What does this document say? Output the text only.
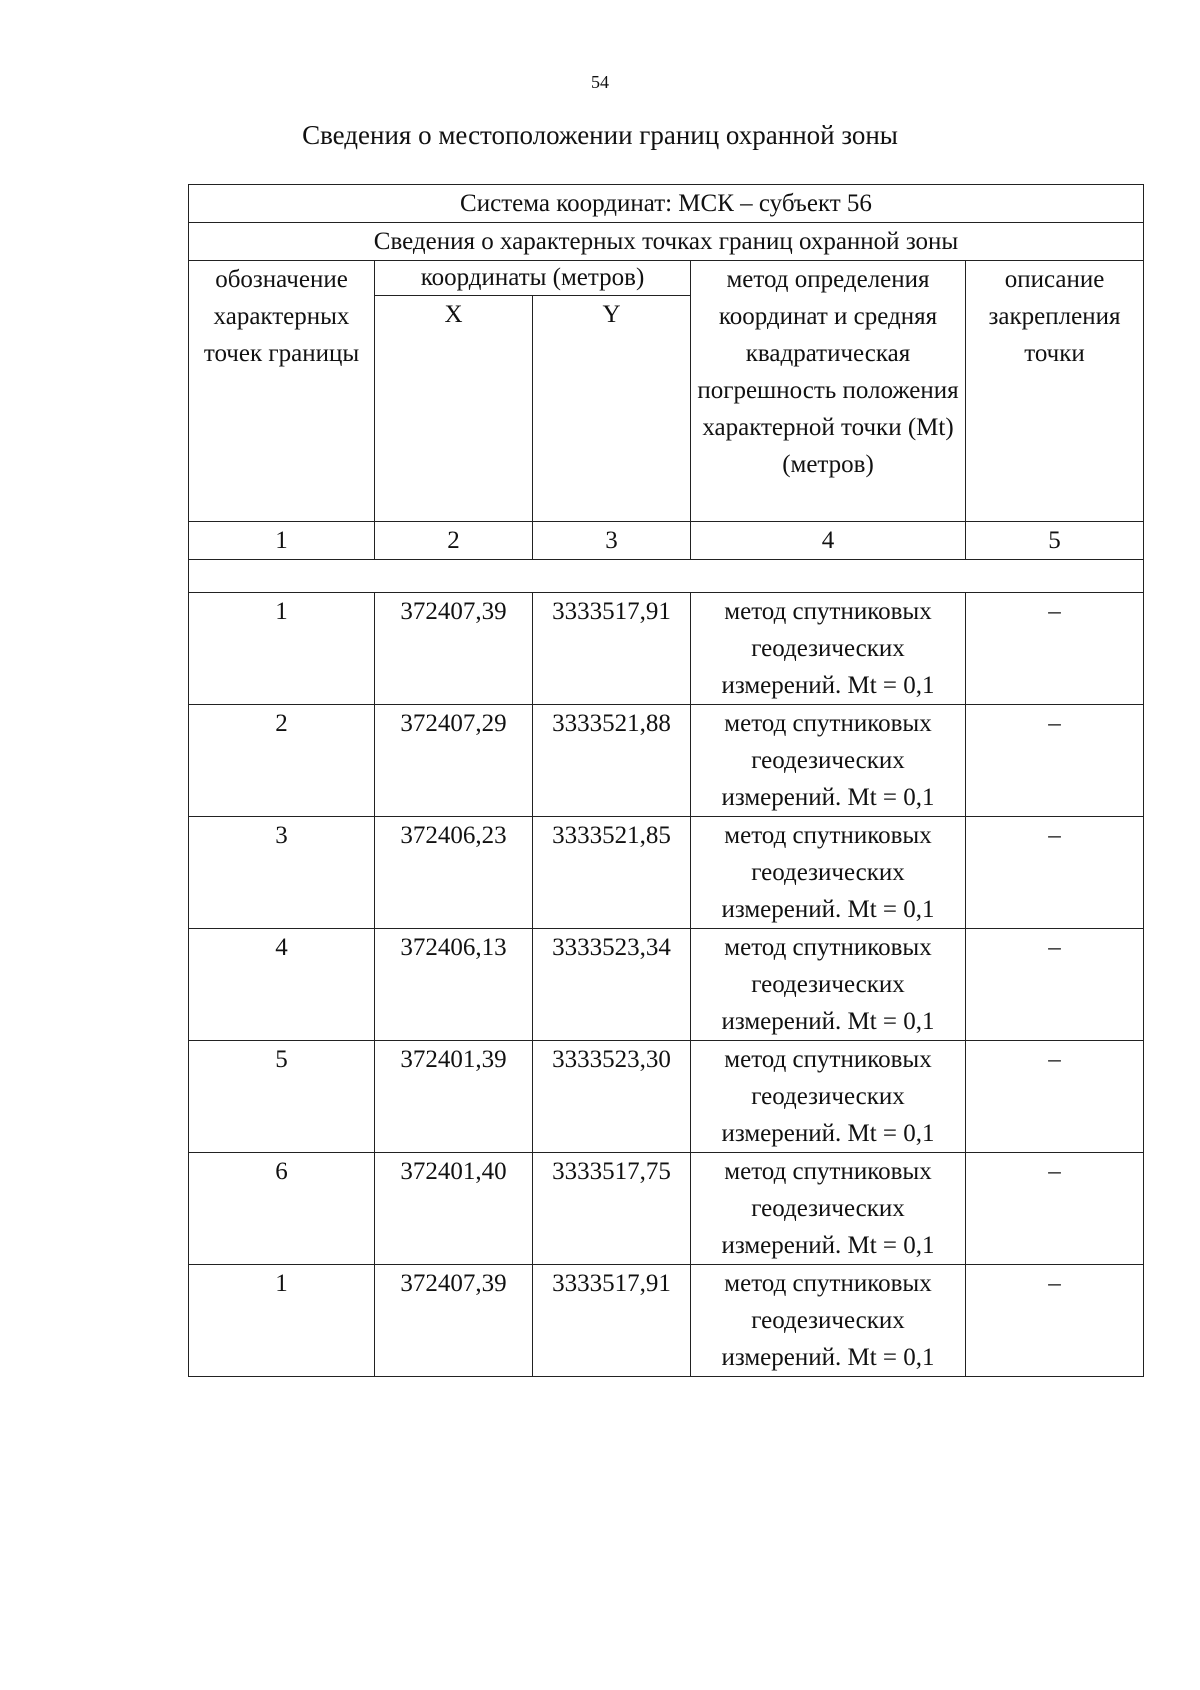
54
Сведения о местоположении границ охранной зоны
Система координат: МСК – субъект 56				
Сведения о характерных точках границ охранной зоны				
обозначение характерных точек границы	координаты (метров)		метод определения координат и средняя квадратическая погрешность положения характерной точки (Mt) (метров)	описание закрепления точки
	X	Y		
1	2	3	4	5

1	372407,39	3333517,91	метод спутниковых геодезических измерений. Mt = 0,1	–
2	372407,29	3333521,88	метод спутниковых геодезических измерений. Mt = 0,1	–
3	372406,23	3333521,85	метод спутниковых геодезических измерений. Mt = 0,1	–
4	372406,13	3333523,34	метод спутниковых геодезических измерений. Mt = 0,1	–
5	372401,39	3333523,30	метод спутниковых геодезических измерений. Mt = 0,1	–
6	372401,40	3333517,75	метод спутниковых геодезических измерений. Mt = 0,1	–
1	372407,39	3333517,91	метод спутниковых геодезических измерений. Mt = 0,1	–
